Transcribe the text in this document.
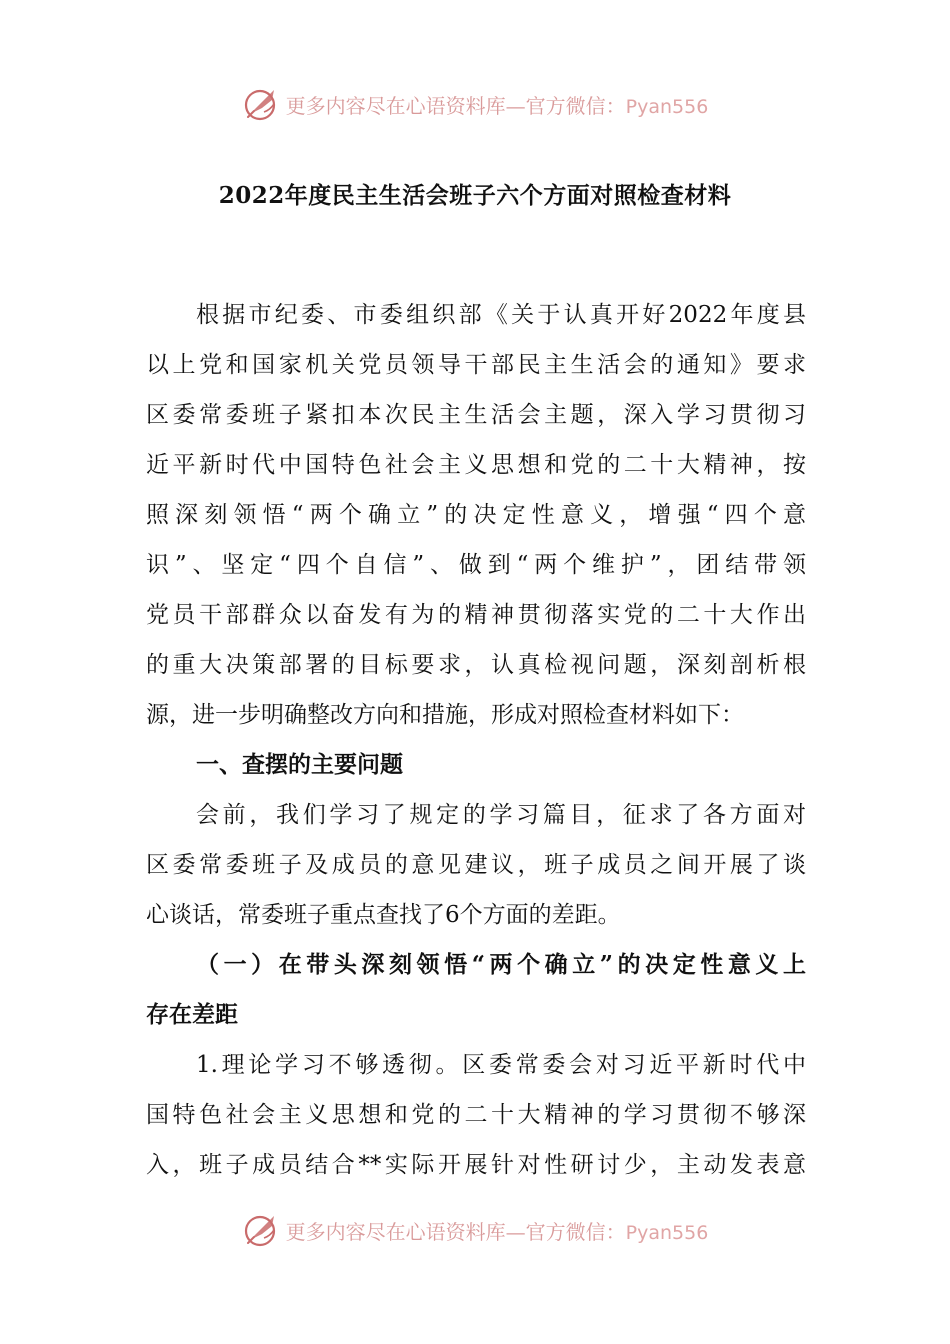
更多内容尽在心语资料库—官方微信：Pyan556
2022年度民主生活会班子六个方面对照检查材料
根据市纪委、市委组织部《关于认真开好2022年度县
以上党和国家机关党员领导干部民主生活会的通知》要求
区委常委班子紧扣本次民主生活会主题，深入学习贯彻习
近平新时代中国特色社会主义思想和党的二十大精神，按
照深刻领悟“两个确立”的决定性意义，增强“四个意
识”、坚定“四个自信”、做到“两个维护”，团结带领
党员干部群众以奋发有为的精神贯彻落实党的二十大作出
的重大决策部署的目标要求，认真检视问题，深刻剖析根
源，进一步明确整改方向和措施，形成对照检查材料如下：
一、查摆的主要问题
会前，我们学习了规定的学习篇目，征求了各方面对
区委常委班子及成员的意见建议，班子成员之间开展了谈
心谈话，常委班子重点查找了6个方面的差距。
（一）在带头深刻领悟“两个确立”的决定性意义上
存在差距
1.理论学习不够透彻。区委常委会对习近平新时代中
国特色社会主义思想和党的二十大精神的学习贯彻不够深
入，班子成员结合**实际开展针对性研讨少，主动发表意
更多内容尽在心语资料库—官方微信：Pyan556
